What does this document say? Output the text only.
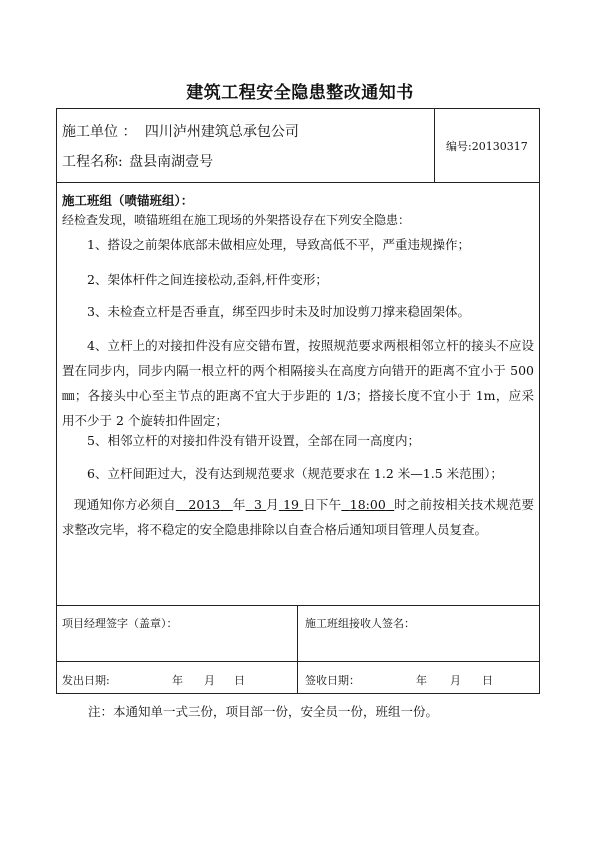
建筑工程安全隐患整改通知书
施工单位 ： 四川泸州建筑总承包公司
工程名称: 盘县南湖壹号
编号:20130317
施工班组（喷锚班组）：
经检查发现，喷锚班组在施工现场的外架搭设存在下列安全隐患：
1、搭设之前架体底部未做相应处理，导致高低不平，严重违规操作；
2、架体杆件之间连接松动,歪斜,杆件变形；
3、未检查立杆是否垂直，绑至四步时未及时加设剪刀撑来稳固架体。
4、立杆上的对接扣件没有应交错布置，按照规范要求两根相邻立杆的接头不应设置在同步内，同步内隔一根立杆的两个相隔接头在高度方向错开的距离不宜小于 500㎜；各接头中心至主节点的距离不宜大于步距的 1/3；搭接长度不宜小于 1m，应采用不少于 2 个旋转扣件固定；
5、相邻立杆的对接扣件没有错开设置，全部在同一高度内；
6、立杆间距过大，没有达到规范要求（规范要求在 1.2 米—1.5 米范围）；
现通知你方必须自 2013 年 3 月 19 日下午 18:00 时之前按相关技术规范要求整改完毕，将不稳定的安全隐患排除以自查合格后通知项目管理人员复查。
项目经理签字（盖章）：	施工班组接收人签名：
发出日期:	年 月 日	签收日期：	年 月 日
注：本通知单一式三份，项目部一份，安全员一份，班组一份。
